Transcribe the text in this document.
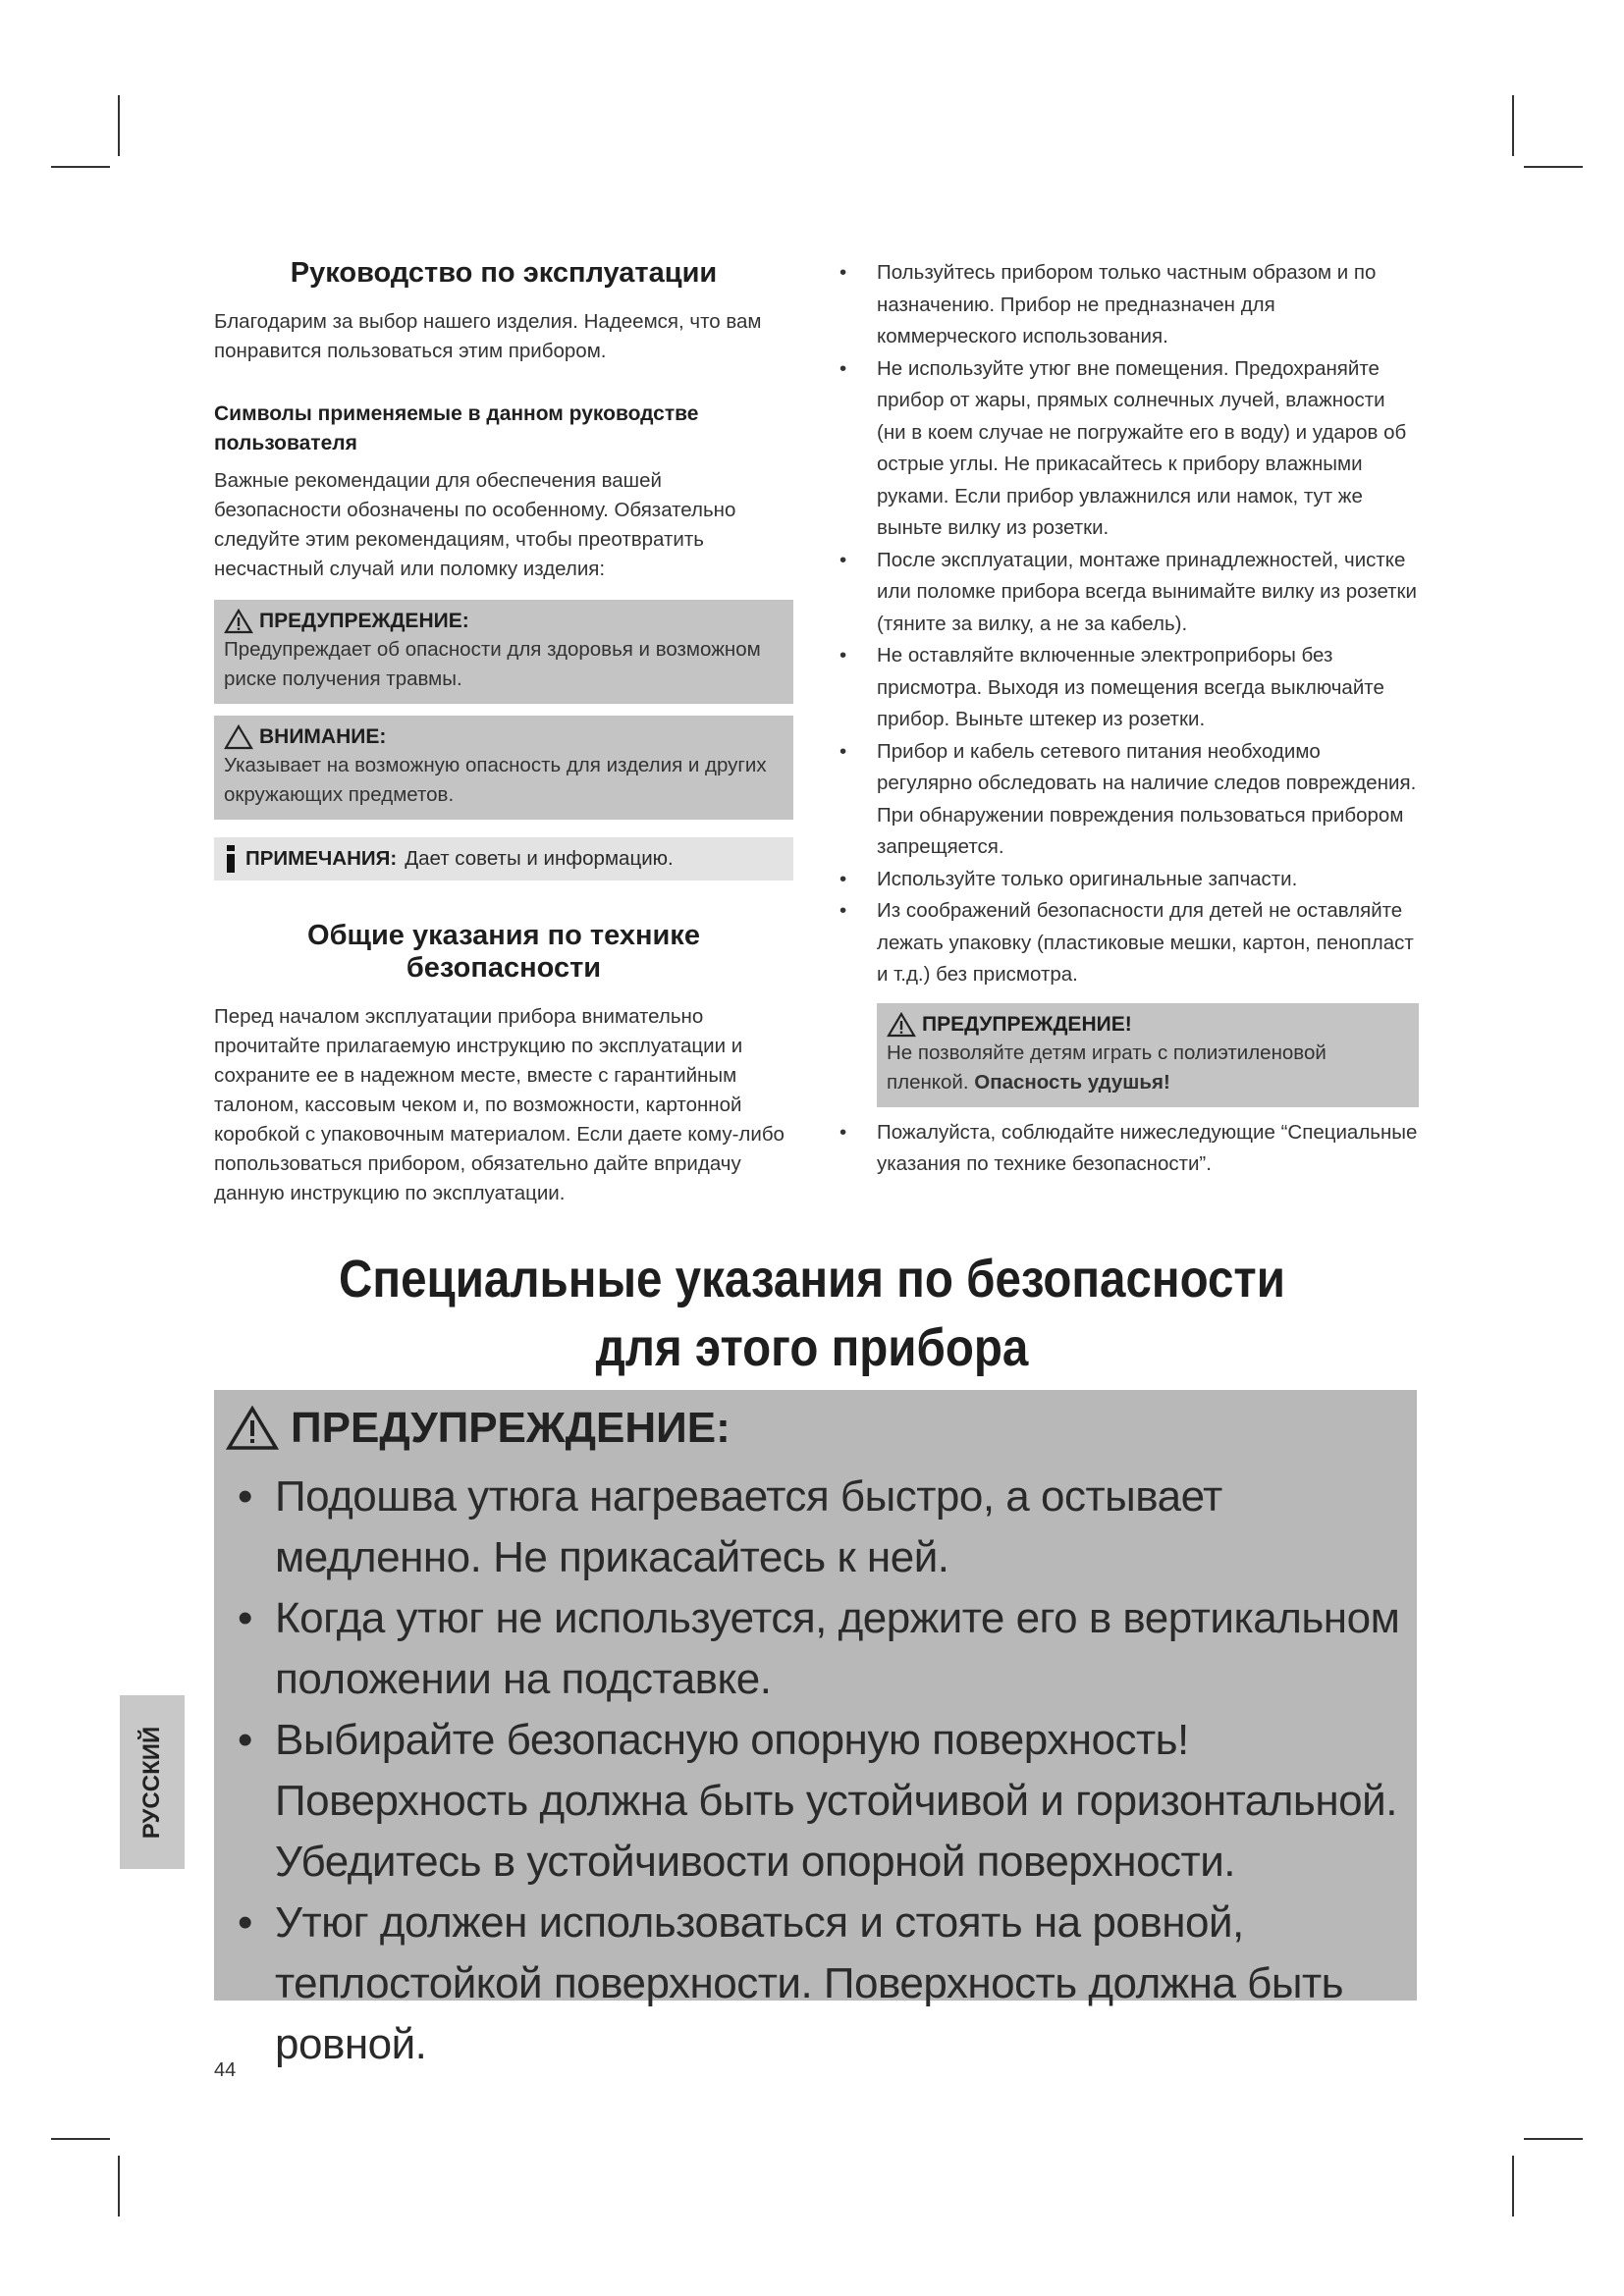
Руководство по эксплуатации

Благодарим за выбор нашего изделия. Надеемся, что вам понравится пользоваться этим прибором.

Символы применяемые в данном руководстве пользователя

Важные рекомендации для обеспечения вашей безопасности обозначены по особенному. Обязательно следуйте этим рекомендациям, чтобы преотвратить несчастный случай или поломку изделия:

ПРЕДУПРЕЖДЕНИЕ:
Предупреждает об опасности для здоровья и возможном риске получения травмы.
ВНИМАНИЕ:
Указывает на возможную опасность для изделия и других окружающих предметов.
ПРИМЕЧАНИЯ: Дает советы и информацию.
Общие указания по технике безопасности

Перед началом эксплуатации прибора внимательно прочитайте прилагаемую инструкцию по эксплуатации и сохраните ее в надежном месте, вместе с гарантийным талоном, кассовым чеком и, по возможности, картонной коробкой с упаковочным материалом. Если даете кому-либо попользоваться прибором, обязательно дайте впридачу данную инструкцию по эксплуатации.

• Пользуйтесь прибором только частным образом и по назначению. Прибор не предназначен для коммерческого использования.
• Не используйте утюг вне помещения. Предохраняйте прибор от жары, прямых солнечных лучей, влажности (ни в коем случае не погружайте его в воду) и ударов об острые углы. Не прикасайтесь к прибору влажными руками. Если прибор увлажнился или намок, тут же выньте вилку из розетки.
• После эксплуатации, монтаже принадлежностей, чистке или поломке прибора всегда вынимайте вилку из розетки (тяните за вилку, а не за кабель).
• Не оставляйте включенные электроприборы без присмотра. Выходя из помещения всегда выключайте прибор. Выньте штекер из розетки.
• Прибор и кабель сетевого питания необходимо регулярно обследовать на наличие следов повреждения. При обнаружении повреждения пользоваться прибором запрещяется.
• Используйте только оригинальные запчасти.
• Из соображений безопасности для детей не оставляйте лежать упаковку (пластиковые мешки, картон, пенопласт и т.д.) без присмотра.
ПРЕДУПРЕЖДЕНИЕ!
Не позволяйте детям играть с полиэтиленовой пленкой. Опасность удушья!
• Пожалуйста, соблюдайте нижеследующие “Специальные указания по технике безопасности”.
Специальные указания по безопасности
для этого прибора
ПРЕДУПРЕЖДЕНИЕ:
• Подошва утюга нагревается быстро, а остывает медленно. Не прикасайтесь к ней.
• Когда утюг не используется, держите его в вертикальном положении на подставке.
• Выбирайте безопасную опорную поверхность! Поверхность должна быть устойчивой и горизонтальной. Убедитесь в устойчивости опорной поверхности.
• Утюг должен использоваться и стоять на ровной, теплостойкой поверхности. Поверхность должна быть ровной.
РУССКИЙ
44
